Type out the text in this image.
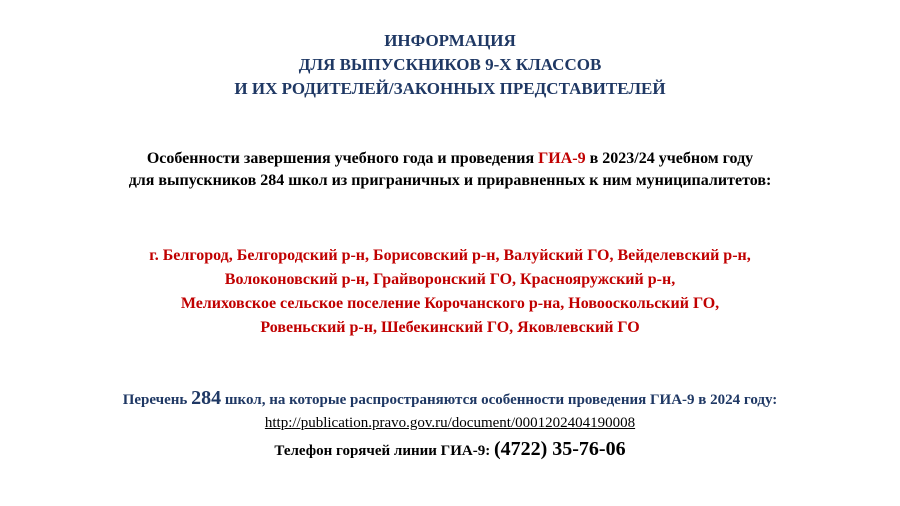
ИНФОРМАЦИЯ
ДЛЯ ВЫПУСКНИКОВ 9-Х КЛАССОВ
И ИХ РОДИТЕЛЕЙ/ЗАКОННЫХ ПРЕДСТАВИТЕЛЕЙ
Особенности завершения учебного года и проведения ГИА-9 в 2023/24 учебном году
для выпускников 284 школ из приграничных и приравненных к ним муниципалитетов:
г. Белгород, Белгородский р-н, Борисовский р-н, Валуйский ГО, Вейделевский р-н,
Волоконовский р-н, Грайворонский ГО, Краснояружский р-н,
Мелиховское сельское поселение Корочанского р-на, Новооскольский ГО,
Ровеньский р-н, Шебекинский ГО, Яковлевский ГО
Перечень 284 школ, на которые распространяются особенности проведения ГИА-9 в 2024 году:
http://publication.pravo.gov.ru/document/0001202404190008
Телефон горячей линии ГИА-9: (4722) 35-76-06
